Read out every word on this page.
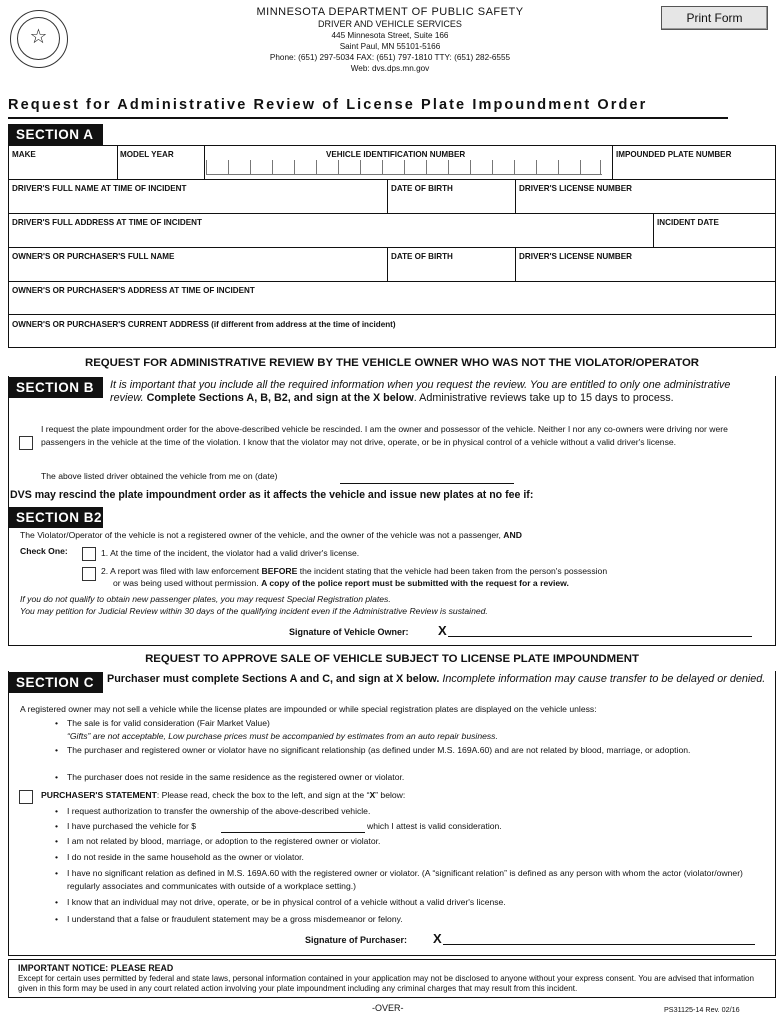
☆
MINNESOTA DEPARTMENT OF PUBLIC SAFETY
DRIVER AND VEHICLE SERVICES
445 Minnesota Street, Suite 166
Saint Paul, MN 55101-5166
Phone: (651) 297-5034 FAX: (651) 797-1810 TTY: (651) 282-6555
Web: dvs.dps.mn.gov
Print Form
Request for Administrative Review of License Plate Impoundment Order
SECTION A
MAKE	MODEL YEAR	VEHICLE IDENTIFICATION NUMBER	IMPOUNDED PLATE NUMBER
DRIVER'S FULL NAME AT TIME OF INCIDENT	DATE OF BIRTH	DRIVER'S LICENSE NUMBER
DRIVER'S FULL ADDRESS AT TIME OF INCIDENT	INCIDENT DATE
OWNER'S OR PURCHASER'S FULL NAME	DATE OF BIRTH	DRIVER'S LICENSE NUMBER
OWNER'S OR PURCHASER'S ADDRESS AT TIME OF INCIDENT
OWNER'S OR PURCHASER'S CURRENT ADDRESS (if different from address at the time of incident)
REQUEST FOR ADMINISTRATIVE REVIEW BY THE VEHICLE OWNER WHO WAS NOT THE VIOLATOR/OPERATOR
SECTION B	It is important that you include all the required information when you request the review. You are entitled to only one administrative review. Complete Sections A, B, B2, and sign at the X below. Administrative reviews take up to 15 days to process.
I request the plate impoundment order for the above-described vehicle be rescinded. I am the owner and possessor of the vehicle. Neither I nor any co-owners were driving nor were passengers in the vehicle at the time of the violation. I know that the violator may not drive, operate, or be in physical control of a vehicle without a valid driver's license.
The above listed driver obtained the vehicle from me on (date)
DVS may rescind the plate impoundment order as it affects the vehicle and issue new plates at no fee if:
SECTION B2
The Violator/Operator of the vehicle is not a registered owner of the vehicle, and the owner of the vehicle was not a passenger, AND
Check One:	1. At the time of the incident, the violator had a valid driver's license.
2. A report was filed with law enforcement BEFORE the incident stating that the vehicle had been taken from the person's possession
or was being used without permission. A copy of the police report must be submitted with the request for a review.
If you do not qualify to obtain new passenger plates, you may request Special Registration plates.
You may petition for Judicial Review within 30 days of the qualifying incident even if the Administrative Review is sustained.
Signature of Vehicle Owner: X
REQUEST TO APPROVE SALE OF VEHICLE SUBJECT TO LICENSE PLATE IMPOUNDMENT
SECTION C	Purchaser must complete Sections A and C, and sign at X below. Incomplete information may cause transfer to be delayed or denied.
A registered owner may not sell a vehicle while the license plates are impounded or while special registration plates are displayed on the vehicle unless:
• The sale is for valid consideration (Fair Market Value)
“Gifts” are not acceptable, Low purchase prices must be accompanied by estimates from an auto repair business.
• The purchaser and registered owner or violator have no significant relationship (as defined under M.S. 169A.60) and are not related by blood, marriage, or adoption.
• The purchaser does not reside in the same residence as the registered owner or violator.
PURCHASER'S STATEMENT: Please read, check the box to the left, and sign at the “X” below:
• I request authorization to transfer the ownership of the above-described vehicle.
• I have purchased the vehicle for $	which I attest is valid consideration.
• I am not related by blood, marriage, or adoption to the registered owner or violator.
• I do not reside in the same household as the owner or violator.
• I have no significant relation as defined in M.S. 169A.60 with the registered owner or violator. (A “significant relation” is defined as any person with whom the actor (violator/owner) regularly associates and communicates with outside of a workplace setting.)
• I know that an individual may not drive, operate, or be in physical control of a vehicle without a valid driver's license.
• I understand that a false or fraudulent statement may be a gross misdemeanor or felony.
Signature of Purchaser: X
IMPORTANT NOTICE: PLEASE READ
Except for certain uses permitted by federal and state laws, personal information contained in your application may not be disclosed to anyone without your express consent. You are advised that information given in this form may be used in any court related action involving your plate impoundment including any criminal charges that may result from this incident.
-OVER-	PS31125-14 Rev. 02/16
